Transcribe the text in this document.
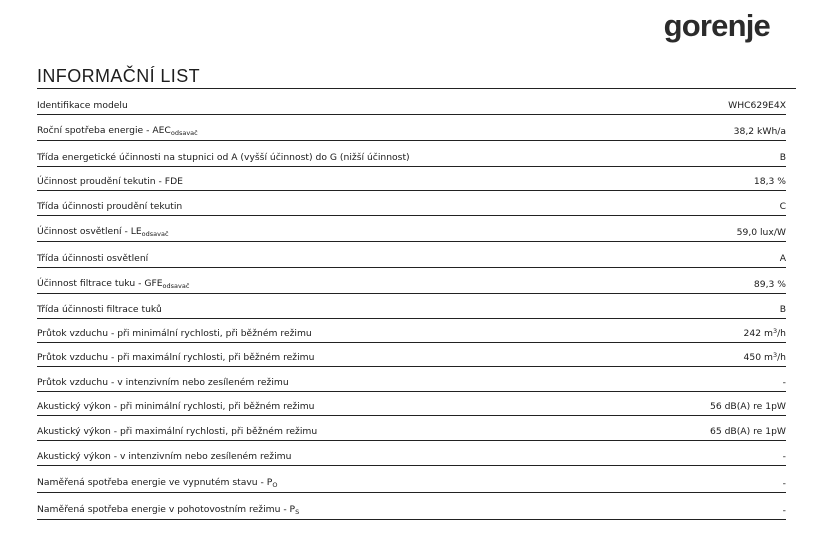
gorenje
INFORMAČNÍ LIST
Identifikace modelu	WHC629E4X
Roční spotřeba energie - $AEC_{odsavač}$	38,2 kWh/a
Třída energetické účinnosti na stupnici od A (vyšší účinnost) do G (nižší účinnost)	B
Účinnost proudění tekutin - FDE	18,3 %
Třída účinnosti proudění tekutin	C
Účinnost osvětlení - $LE_{odsavač}$	59,0 lux/W
Třída účinnosti osvětlení	A
Účinnost filtrace tuku - $GFE_{odsavač}$	89,3 %
Třída účinnosti filtrace tuků	B
Průtok vzduchu - při minimální rychlosti, při běžném režimu	242 $m^3/h$
Průtok vzduchu - při maximální rychlosti, při běžném režimu	450 $m^3/h$
Průtok vzduchu - v intenzivním nebo zesíleném režimu	-
Akustický výkon - při minimální rychlosti, při běžném režimu	56 dB(A) re 1pW
Akustický výkon - při maximální rychlosti, při běžném režimu	65 dB(A) re 1pW
Akustický výkon - v intenzivním nebo zesíleném režimu	-
Naměřená spotřeba energie ve vypnutém stavu - $P_O$	-
Naměřená spotřeba energie v pohotovostním režimu - $P_S$	-
